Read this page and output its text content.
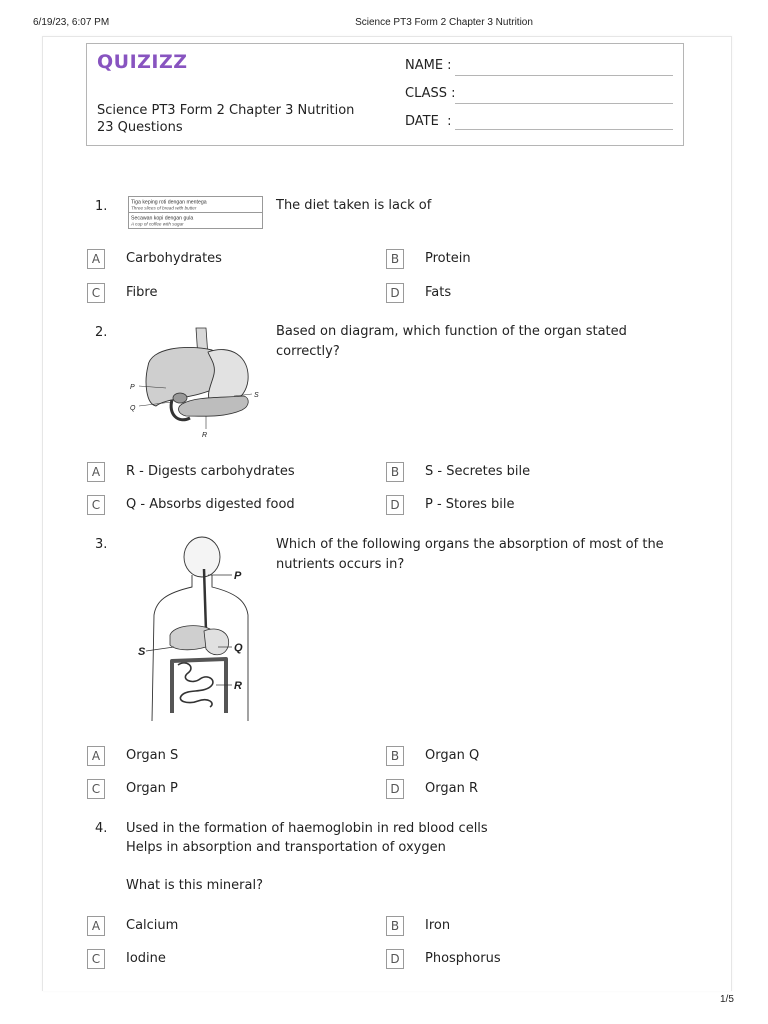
6/19/23, 6:07 PM	Science PT3 Form 2 Chapter 3 Nutrition
1/5
QUIZIZZ
Science PT3 Form 2 Chapter 3 Nutrition
23 Questions
NAME :
CLASS :
DATE  :
1.	Tiga keping roti dengan mentega
Three slices of bread with butter
Secawan kopi dengan gula
A cup of coffee with sugar
The diet taken is lack of
A	Carbohydrates	B	Protein
C	Fibre	D	Fats
2.
P
Q
R
S
Based on diagram, which function of the organ stated correctly?
A	R - Digests carbohydrates	B	S - Secretes bile
C	Q - Absorbs digested food	D	P - Stores bile
3.
P
S	Q
R
Which of the following organs the absorption of most of the
nutrients occurs in?
A	Organ S	B	Organ Q
C	Organ P	D	Organ R
4. Used in the formation of haemoglobin in red blood cells
Helps in absorption and transportation of oxygen
What is this mineral?
A	Calcium	B	Iron
C	Iodine	D	Phosphorus
